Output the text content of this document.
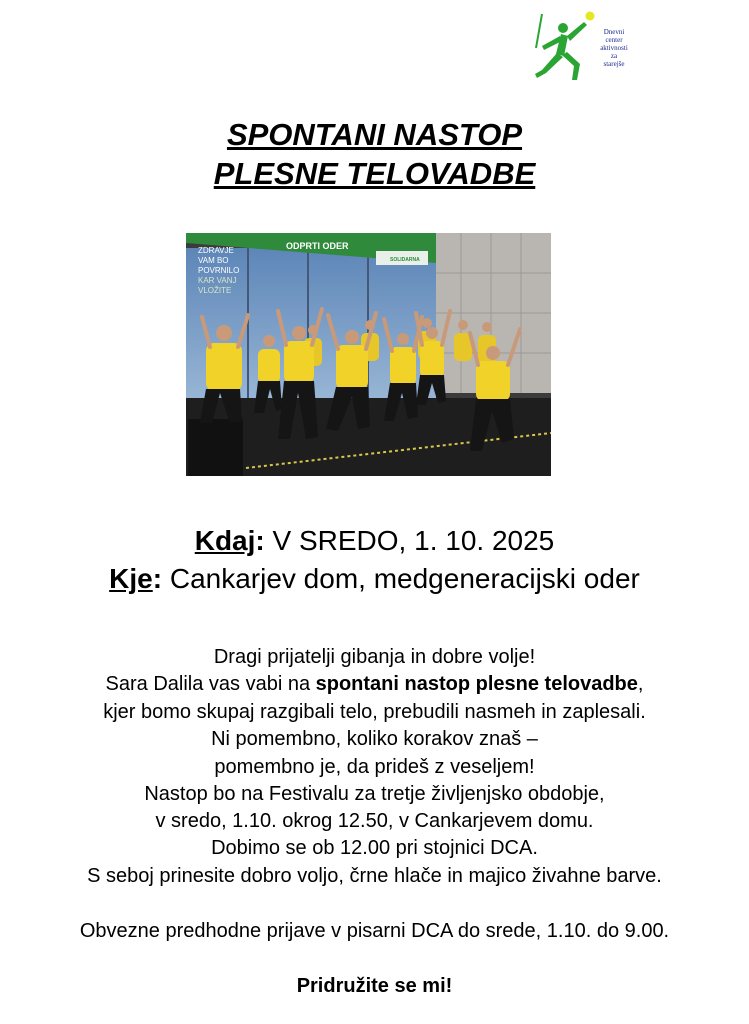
Dnevni
center
aktivnosti
za
starejše
SPONTANI NASTOP
PLESNE TELOVADBE
ODPRTI ODER
SOLIDARNA
ZDRAVJE
VAM BO
POVRNILO
KAR VANJ
VLOŽITE
Kdaj: V SREDO, 1. 10. 2025
Kje: Cankarjev dom, medgeneracijski oder
Dragi prijatelji gibanja in dobre volje!
Sara Dalila vas vabi na spontani nastop plesne telovadbe,
kjer bomo skupaj razgibali telo, prebudili nasmeh in zaplesali.
Ni pomembno, koliko korakov znaš –
pomembno je, da prideš z veseljem!
Nastop bo na Festivalu za tretje življenjsko obdobje,
v sredo, 1.10. okrog 12.50, v Cankarjevem domu.
Dobimo se ob 12.00 pri stojnici DCA.
S seboj prinesite dobro voljo, črne hlače in majico živahne barve.
Obvezne predhodne prijave v pisarni DCA do srede, 1.10. do 9.00.
Pridružite se mi!
